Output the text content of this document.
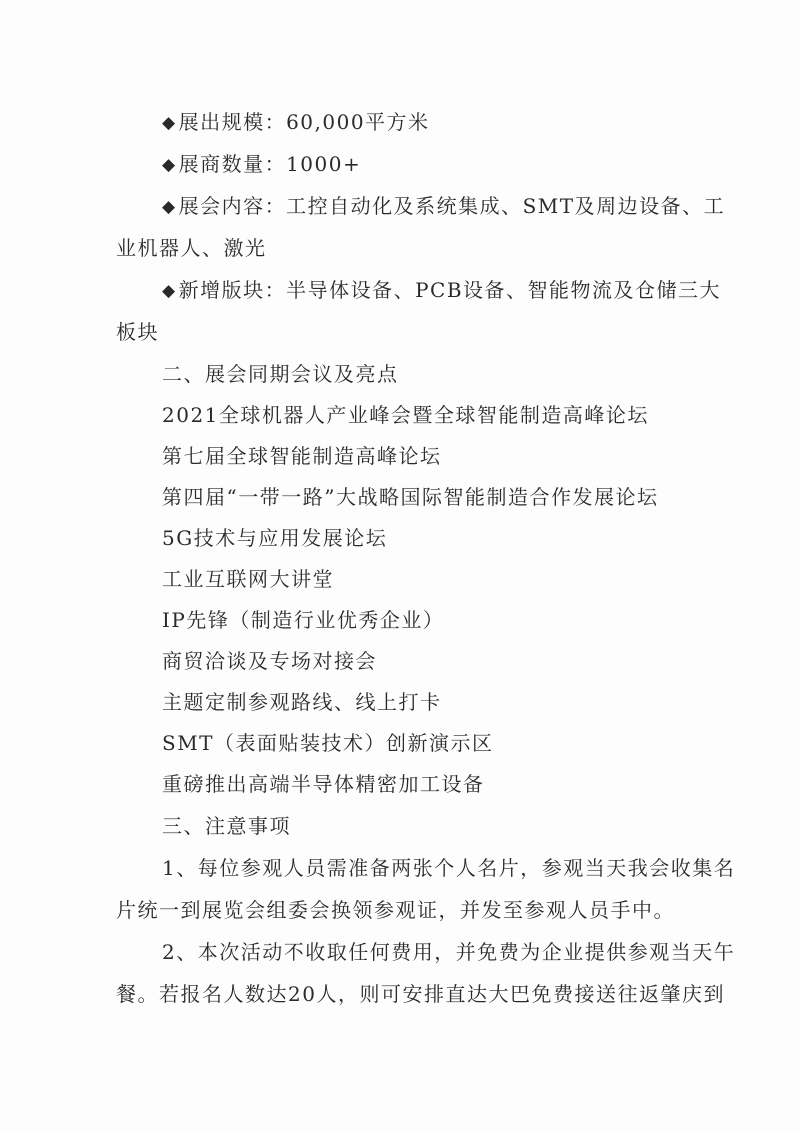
◆ 展出规模：60,000平方米
◆ 展商数量：1000+
◆ 展会内容：工控自动化及系统集成、SMT及周边设备、工
业机器人、激光
◆ 新增版块：半导体设备、PCB设备、智能物流及仓储三大
板块
二、展会同期会议及亮点
2021全球机器人产业峰会暨全球智能制造高峰论坛
第七届全球智能制造高峰论坛
第四届“一带一路”大战略国际智能制造合作发展论坛
5G技术与应用发展论坛
工业互联网大讲堂
IP先锋（制造行业优秀企业）
商贸洽谈及专场对接会
主题定制参观路线、线上打卡
SMT（表面贴装技术）创新演示区
重磅推出高端半导体精密加工设备
三、注意事项
1、每位参观人员需准备两张个人名片，参观当天我会收集名
片统一到展览会组委会换领参观证，并发至参观人员手中。
2、本次活动不收取任何费用，并免费为企业提供参观当天午
餐。若报名人数达20人，则可安排直达大巴免费接送往返肇庆到
